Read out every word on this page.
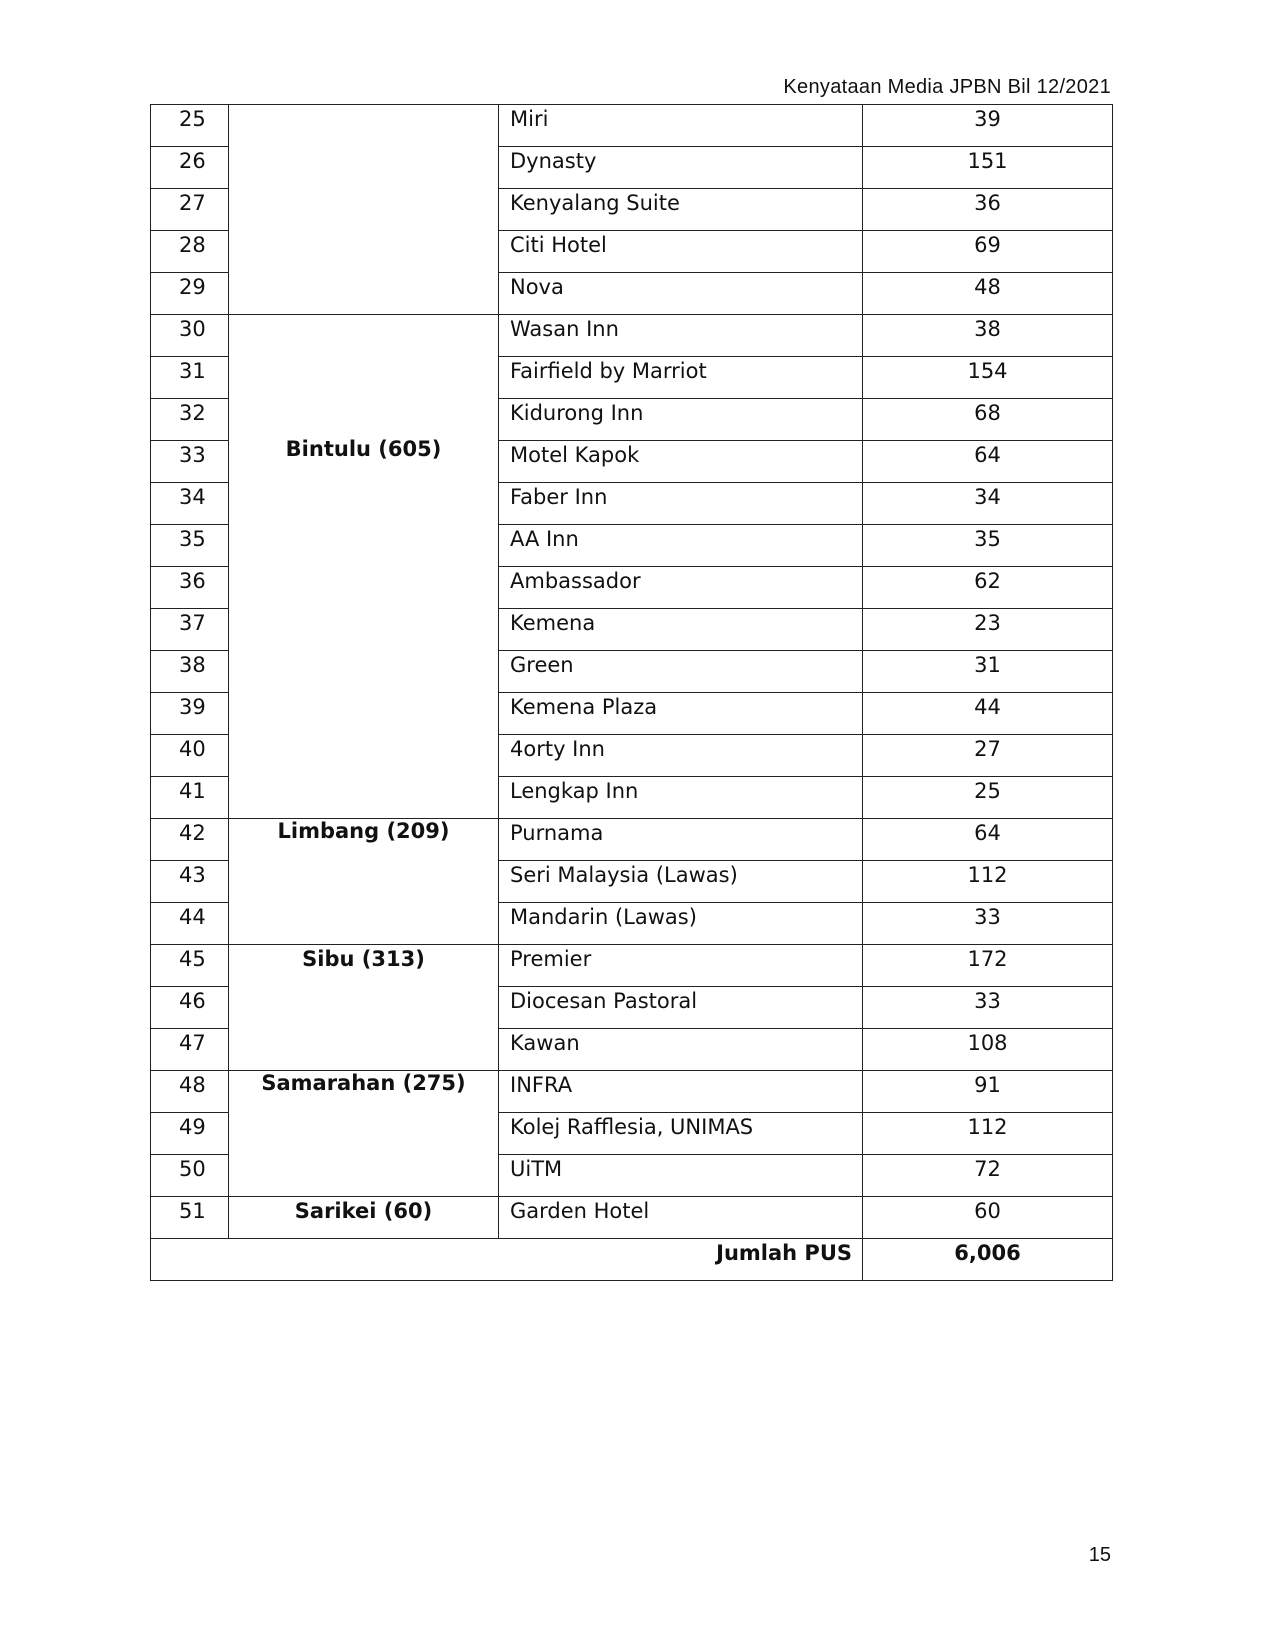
Kenyataan Media JPBN Bil 12/2021
25		Miri	39

26		Dynasty	151

27		Kenyalang Suite	36

28		Citi Hotel	69

29		Nova	48

30	Bintulu (605)	Wasan Inn	38

31		Fairfield by Marriot	154

32		Kidurong Inn	68

33		Motel Kapok	64

34		Faber Inn	34

35		AA Inn	35

36		Ambassador	62

37		Kemena	23

38		Green	31

39		Kemena Plaza	44

40		4orty Inn	27

41		Lengkap Inn	25

42	Limbang (209)	Purnama	64

43		Seri Malaysia (Lawas)	112

44		Mandarin (Lawas)	33

45	Sibu (313)	Premier	172

46		Diocesan Pastoral	33

47		Kawan	108

48	Samarahan (275)	INFRA	91

49		Kolej Rafflesia, UNIMAS	112

50		UiTM	72

51	Sarikei (60)	Garden Hotel	60

Jumlah PUS			6,006
15
